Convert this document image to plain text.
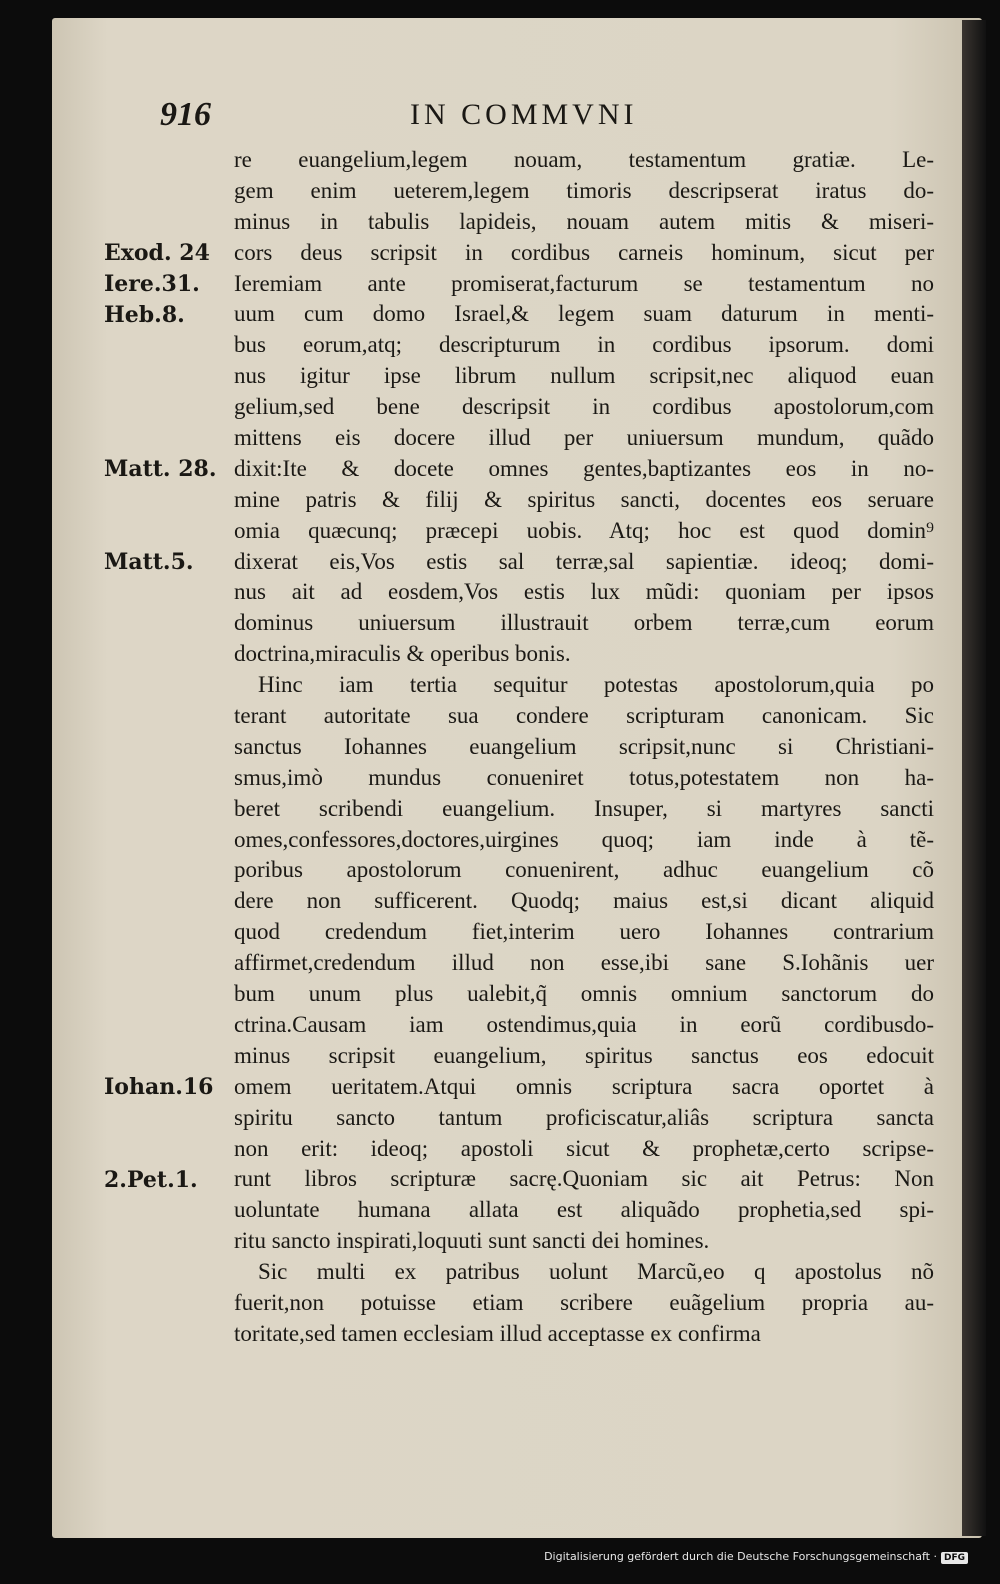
916	IN COMMVNI
Exod. 24
Iere.31.
Heb.8.
Matt. 28.
Matt.5.
Iohan.16
2.Pet.1.
re euangelium,legem nouam, testamentum gratiæ. Le-
gem enim ueterem,legem timoris descripserat iratus do-
minus in tabulis lapideis, nouam autem mitis & miseri-
cors deus scripsit in cordibus carneis hominum, sicut per
Ieremiam ante promiserat,facturum se testamentum no
uum cum domo Israel,& legem suam daturum in menti-
bus eorum,atq; descripturum in cordibus ipsorum. domi
nus igitur ipse librum nullum scripsit,nec aliquod euan
gelium,sed bene descripsit in cordibus apostolorum,com
mittens eis docere illud per uniuersum mundum, quãdo
dixit:Ite & docete omnes gentes,baptizantes eos in no-
mine patris & filij & spiritus sancti, docentes eos seruare
omia quæcunq; præcepi uobis. Atq; hoc est quod domin⁹
dixerat eis,Vos estis sal terræ,sal sapientiæ. ideoq; domi-
nus ait ad eosdem,Vos estis lux mũdi: quoniam per ipsos
dominus uniuersum illustrauit orbem terræ,cum eorum
doctrina,miraculis & operibus bonis.
Hinc iam tertia sequitur potestas apostolorum,quia po
terant autoritate sua condere scripturam canonicam. Sic
sanctus Iohannes euangelium scripsit,nunc si Christiani-
smus,imò mundus conueniret totus,potestatem non ha-
beret scribendi euangelium. Insuper, si martyres sancti
omes,confessores,doctores,uirgines quoq; iam inde à tẽ-
poribus apostolorum conuenirent, adhuc euangelium cõ
dere non sufficerent. Quodq; maius est,si dicant aliquid
quod credendum fiet,interim uero Iohannes contrarium
affirmet,credendum illud non esse,ibi sane S.Iohãnis uer
bum unum plus ualebit,q̃ omnis omnium sanctorum do
ctrina.Causam iam ostendimus,quia in eorũ cordibusdo-
minus scripsit euangelium, spiritus sanctus eos edocuit
omem ueritatem.Atqui omnis scriptura sacra oportet à
spiritu sancto tantum proficiscatur,aliâs scriptura sancta
non erit: ideoq; apostoli sicut & prophetæ,certo scripse-
runt libros scripturæ sacrę.Quoniam sic ait Petrus: Non
uoluntate humana allata est aliquãdo prophetia,sed spi-
ritu sancto inspirati,loquuti sunt sancti dei homines.
Sic multi ex patribus uolunt Marcũ,eo q apostolus nõ
fuerit,non potuisse etiam scribere euãgelium propria au-
toritate,sed tamen ecclesiam illud acceptasse ex confirma
Digitalisierung gefördert durch die Deutsche Forschungsgemeinschaft · DFG
